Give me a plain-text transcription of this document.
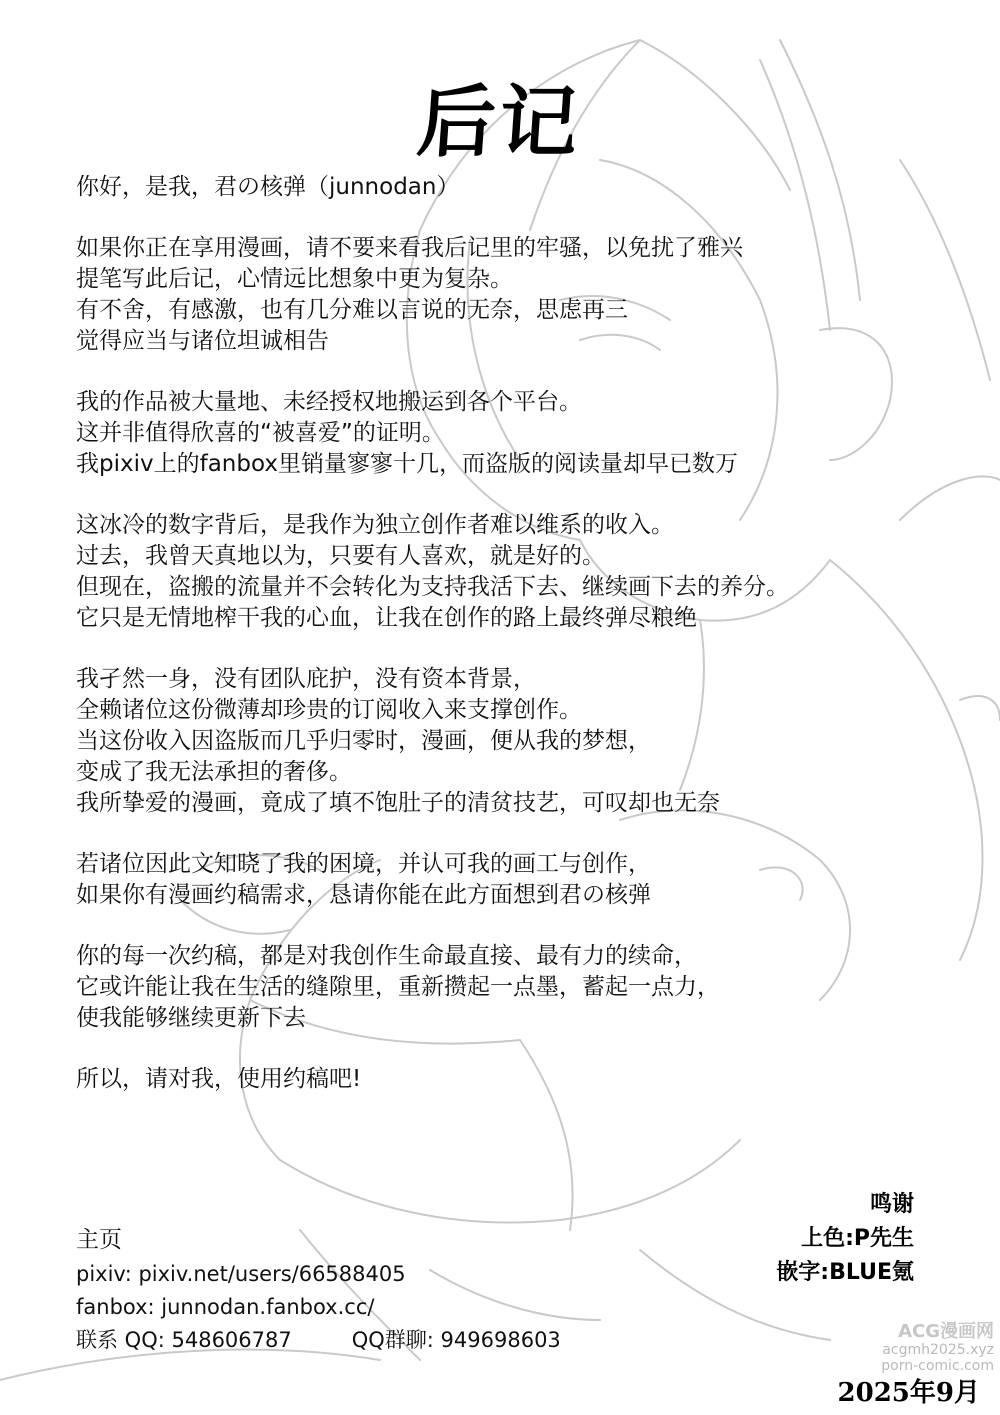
后记
你好，是我，君の核弹（junnodan）
如果你正在享用漫画，请不要来看我后记里的牢骚，以免扰了雅兴
提笔写此后记，心情远比想象中更为复杂。
有不舍，有感激，也有几分难以言说的无奈，思虑再三
觉得应当与诸位坦诚相告
我的作品被大量地、未经授权地搬运到各个平台。
这并非值得欣喜的“被喜爱”的证明。
我pixiv上的fanbox里销量寥寥十几，而盗版的阅读量却早已数万
这冰冷的数字背后，是我作为独立创作者难以维系的收入。
过去，我曾天真地以为，只要有人喜欢，就是好的。
但现在，盗搬的流量并不会转化为支持我活下去、继续画下去的养分。
它只是无情地榨干我的心血，让我在创作的路上最终弹尽粮绝
我孑然一身，没有团队庇护，没有资本背景，
全赖诸位这份微薄却珍贵的订阅收入来支撑创作。
当这份收入因盗版而几乎归零时，漫画，便从我的梦想，
变成了我无法承担的奢侈。
我所挚爱的漫画，竟成了填不饱肚子的清贫技艺，可叹却也无奈
若诸位因此文知晓了我的困境，并认可我的画工与创作，
如果你有漫画约稿需求，恳请你能在此方面想到君の核弹
你的每一次约稿，都是对我创作生命最直接、最有力的续命，
它或许能让我在生活的缝隙里，重新攒起一点墨，蓄起一点力，
使我能够继续更新下去
所以，请对我，使用约稿吧!
主页
pixiv: pixiv.net/users/66588405
fanbox: junnodan.fanbox.cc/
联系 QQ: 548606787	QQ群聊: 949698603
鸣谢
上色:P先生
嵌字:BLUE氪
ACG漫画网
acgmh2025.xyz
porn-comic.com
2025年9月
